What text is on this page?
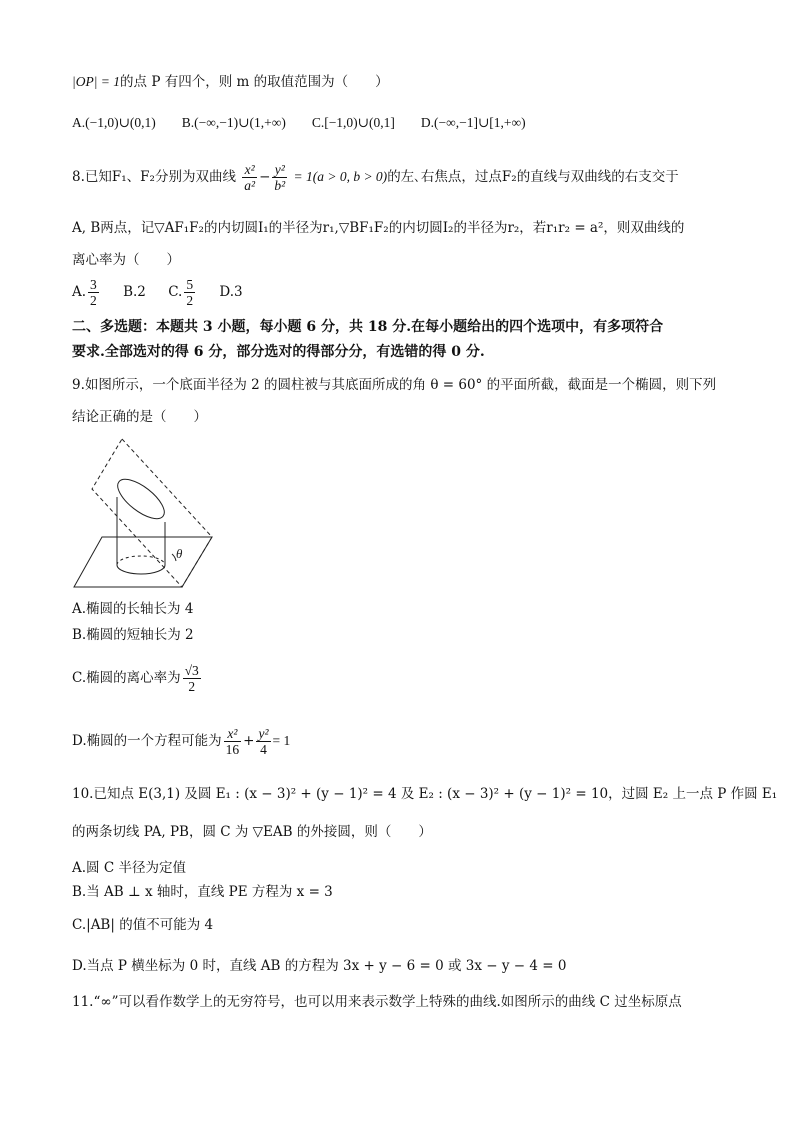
|OP| = 1的点 P 有四个，则 m 的取值范围为（　　）
A.(−1,0)∪(0,1) B.(−∞,−1)∪(1,+∞) C.[−1,0)∪(0,1] D.(−∞,−1]∪[1,+∞)
8.已知F₁、F₂分别为双曲线 $\frac{\text{x²}}{\text{a²}} - \frac{\text{y²}}{\text{b²}} = 1(a > 0$, b > 0)的左､右焦点，过点F₂的直线与双曲线的右支交于
A, B两点，记▽AF₁F₂的内切圆I₁的半径为r₁,▽BF₁F₂的内切圆I₂的半径为r₂，若r₁r₂ = a²，则双曲线的
离心率为（　　）
A. $\frac{3}{2} B.2$ C. $\frac{5}{2} D.3$
二、多选题：本题共 3 小题，每小题 6 分，共 18 分.在每小题给出的四个选项中，有多项符合
要求.全部选对的得 6 分，部分选对的得部分分，有选错的得 0 分.
9.如图所示，一个底面半径为 2 的圆柱被与其底面所成的角 θ = 60° 的平面所截，截面是一个椭圆，则下列
结论正确的是（　　）
θ
A.椭圆的长轴长为 4
B.椭圆的短轴长为 2
C.椭圆的离心率为 $\frac{√3}{2}$
D.椭圆的一个方程可能为 $\frac{\text{x²}}{16} + \frac{\text{y²}}{4} = 1$
10.已知点 E(3,1) 及圆 E₁ : (x − 3)² + (y − 1)² = 4 及 E₂ : (x − 3)² + (y − 1)² = 10，过圆 E₂ 上一点 P 作圆 E₁
的两条切线 PA, PB，圆 C 为 ▽EAB 的外接圆，则（　　）
A.圆 C 半径为定值
B.当 AB ⊥ x 轴时，直线 PE 方程为 x = 3
C.|AB| 的值不可能为 4
D.当点 P 横坐标为 0 时，直线 AB 的方程为 3x + y − 6 = 0 或 3x − y − 4 = 0
11.“∞”可以看作数学上的无穷符号，也可以用来表示数学上特殊的曲线.如图所示的曲线 C 过坐标原点
